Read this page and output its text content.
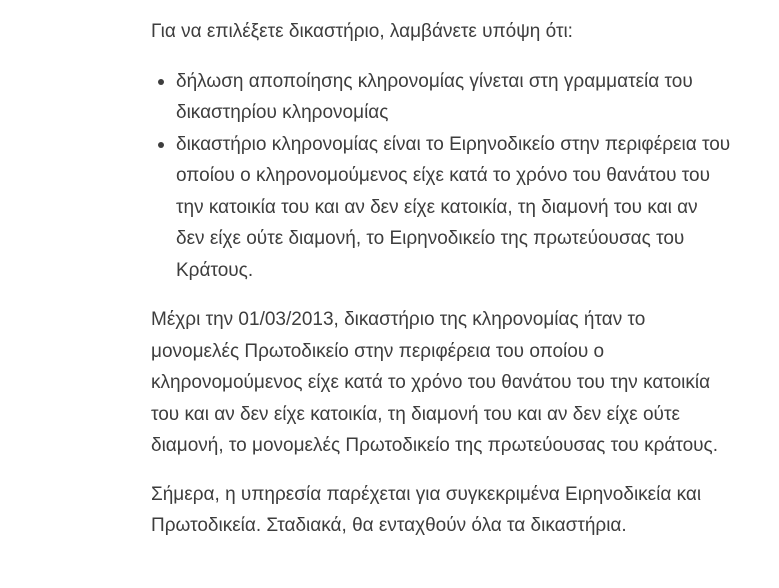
Για να επιλέξετε δικαστήριο, λαμβάνετε υπόψη ότι:

δήλωση αποποίησης κληρονομίας γίνεται στη γραμματεία του δικαστηρίου κληρονομίας
δικαστήριο κληρονομίας είναι το Ειρηνοδικείο στην περιφέρεια του οποίου ο κληρονομούμενος είχε κατά το χρόνο του θανάτου του την κατοικία του και αν δεν είχε κατοικία, τη διαμονή του και αν δεν είχε ούτε διαμονή, το Ειρηνοδικείο της πρωτεύουσας του Κράτους.

Μέχρι την 01/03/2013, δικαστήριο της κληρονομίας ήταν το μονομελές Πρωτοδικείο στην περιφέρεια του οποίου ο κληρονομούμενος είχε κατά το χρόνο του θανάτου του την κατοικία του και αν δεν είχε κατοικία, τη διαμονή του και αν δεν είχε ούτε διαμονή, το μονομελές Πρωτοδικείο της πρωτεύουσας του κράτους.

Σήμερα, η υπηρεσία παρέχεται για συγκεκριμένα Ειρηνοδικεία και Πρωτοδικεία. Σταδιακά, θα ενταχθούν όλα τα δικαστήρια.
